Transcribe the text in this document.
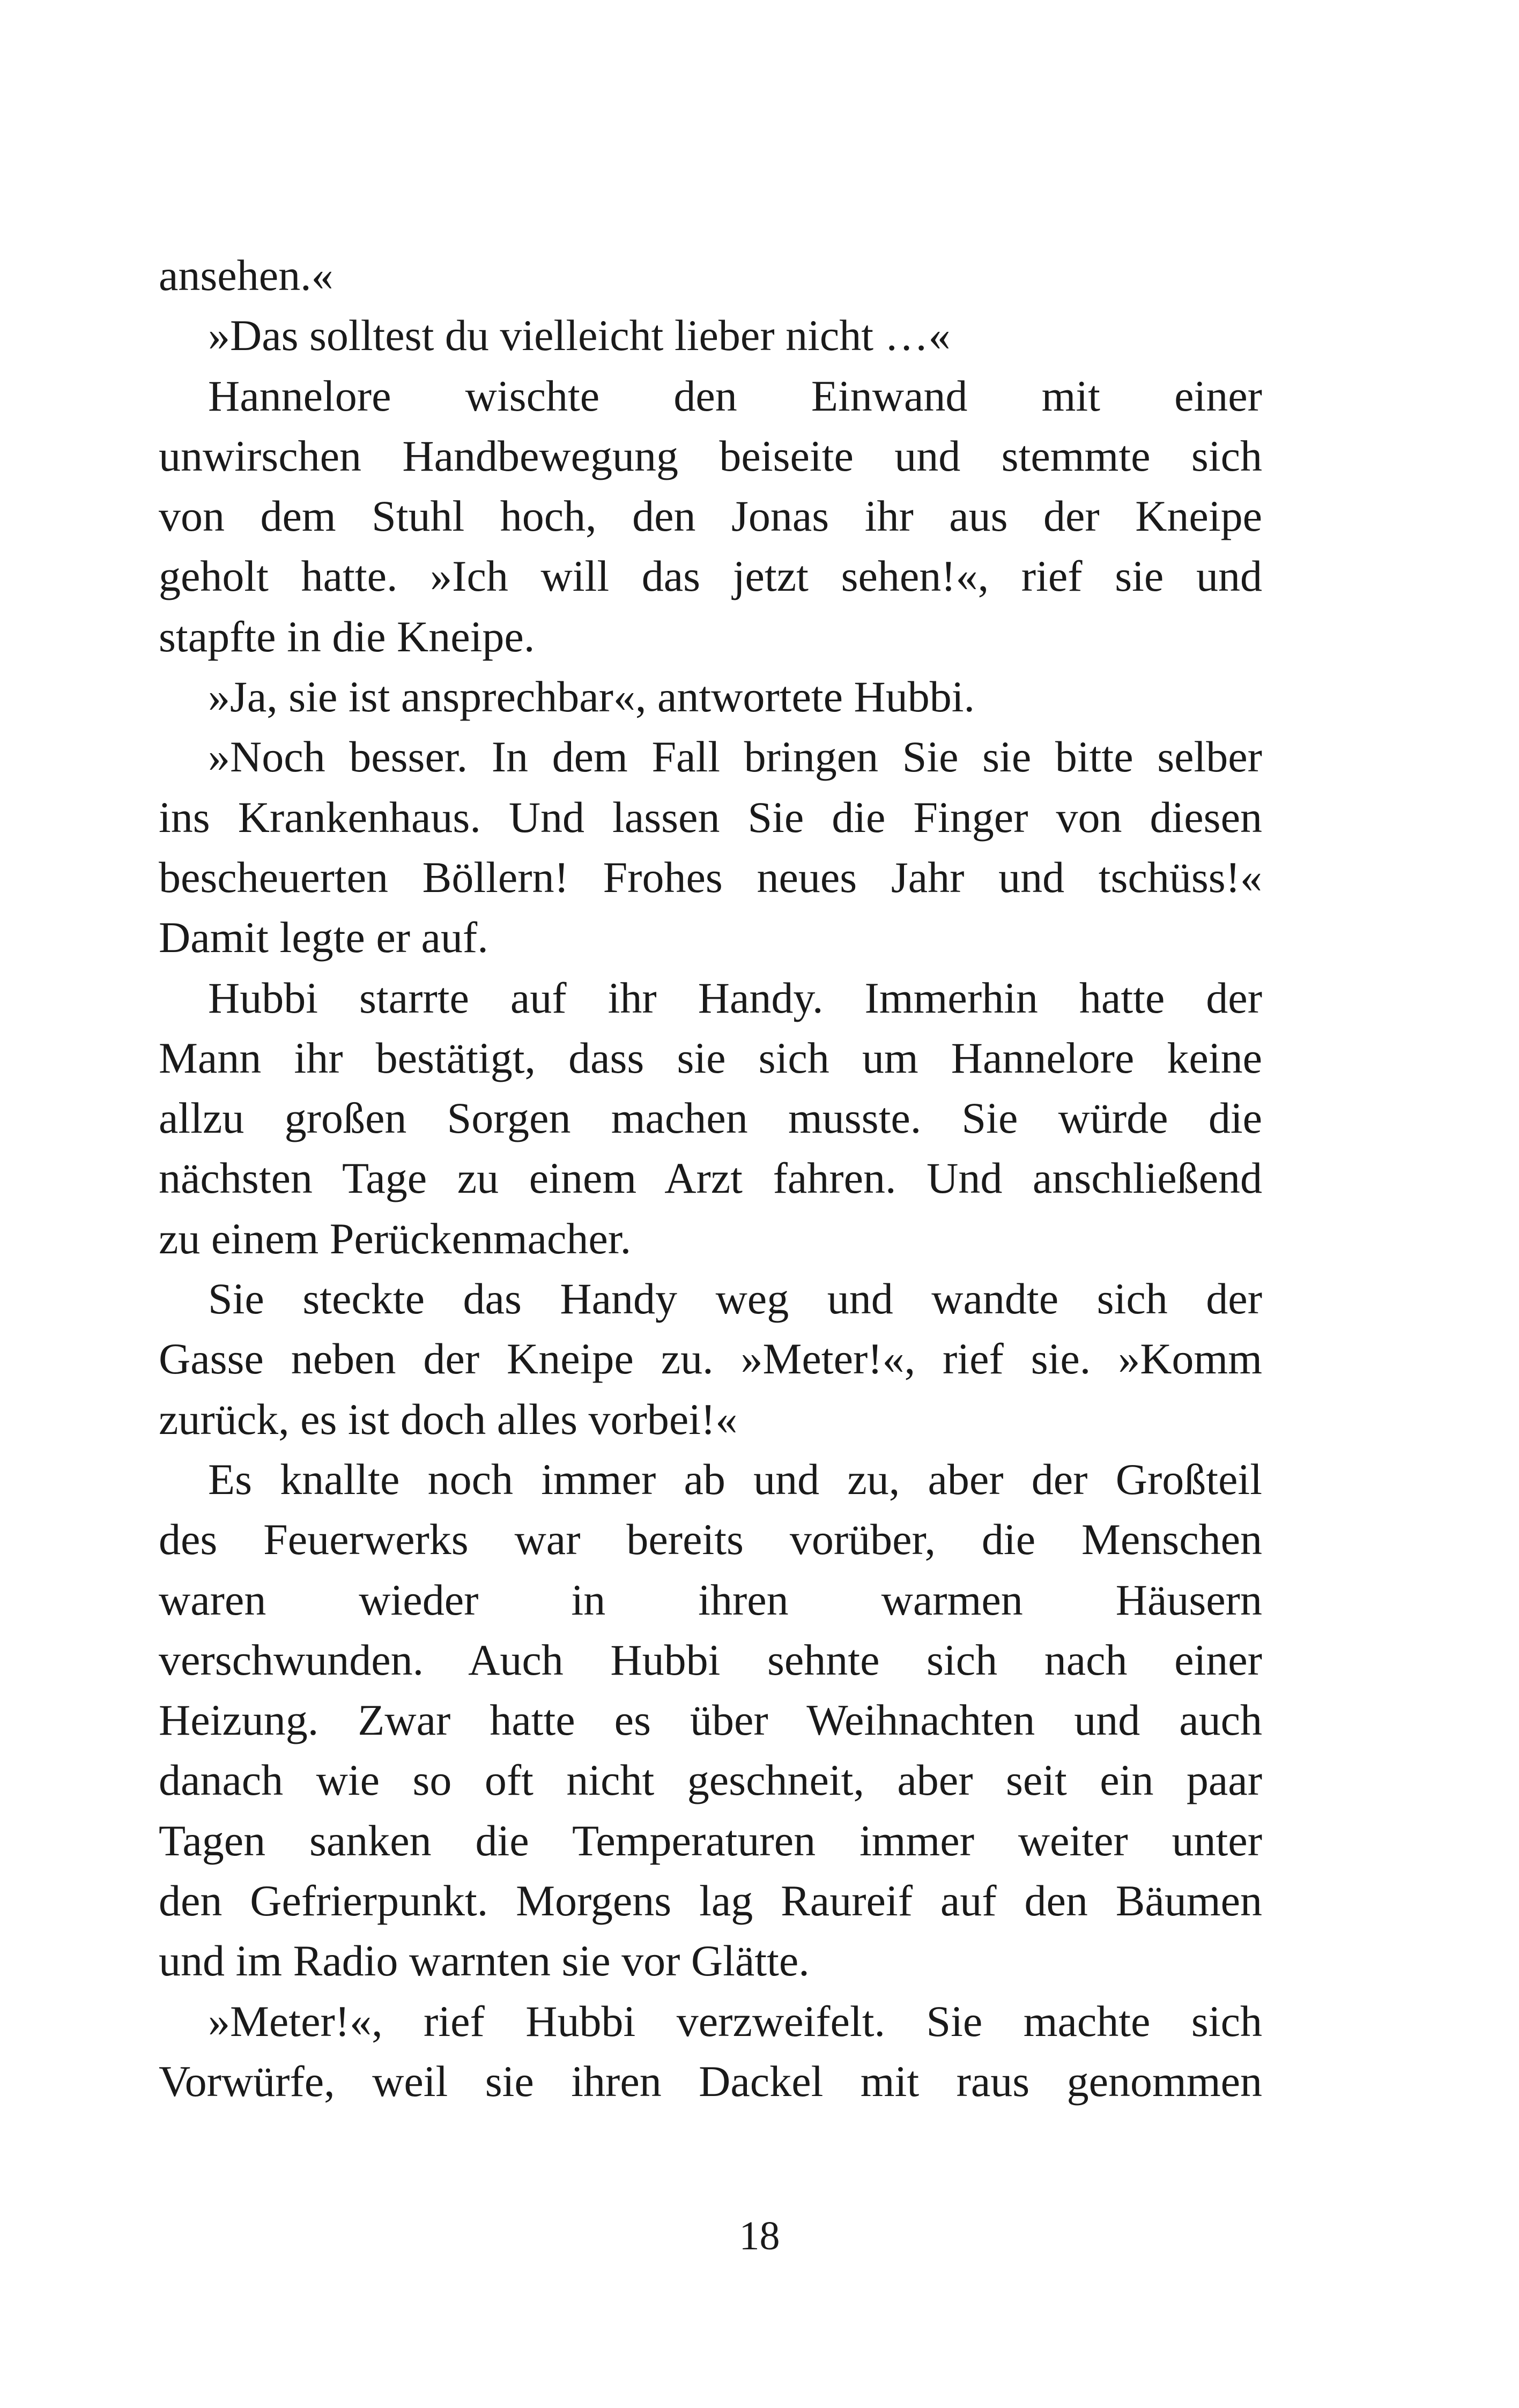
ansehen.«
»Das solltest du vielleicht lieber nicht …«
Hannelore wischte den Einwand mit einer
unwirschen Handbewegung beiseite und stemmte sich
von dem Stuhl hoch, den Jonas ihr aus der Kneipe
geholt hatte. »Ich will das jetzt sehen!«, rief sie und
stapfte in die Kneipe.
»Ja, sie ist ansprechbar«, antwortete Hubbi.
»Noch besser. In dem Fall bringen Sie sie bitte selber
ins Krankenhaus. Und lassen Sie die Finger von diesen
bescheuerten Böllern! Frohes neues Jahr und tschüss!«
Damit legte er auf.
Hubbi starrte auf ihr Handy. Immerhin hatte der
Mann ihr bestätigt, dass sie sich um Hannelore keine
allzu großen Sorgen machen musste. Sie würde die
nächsten Tage zu einem Arzt fahren. Und anschließend
zu einem Perückenmacher.
Sie steckte das Handy weg und wandte sich der
Gasse neben der Kneipe zu. »Meter!«, rief sie. »Komm
zurück, es ist doch alles vorbei!«
Es knallte noch immer ab und zu, aber der Großteil
des Feuerwerks war bereits vorüber, die Menschen
waren wieder in ihren warmen Häusern
verschwunden. Auch Hubbi sehnte sich nach einer
Heizung. Zwar hatte es über Weihnachten und auch
danach wie so oft nicht geschneit, aber seit ein paar
Tagen sanken die Temperaturen immer weiter unter
den Gefrierpunkt. Morgens lag Raureif auf den Bäumen
und im Radio warnten sie vor Glätte.
»Meter!«, rief Hubbi verzweifelt. Sie machte sich
Vorwürfe, weil sie ihren Dackel mit raus genommen
18
